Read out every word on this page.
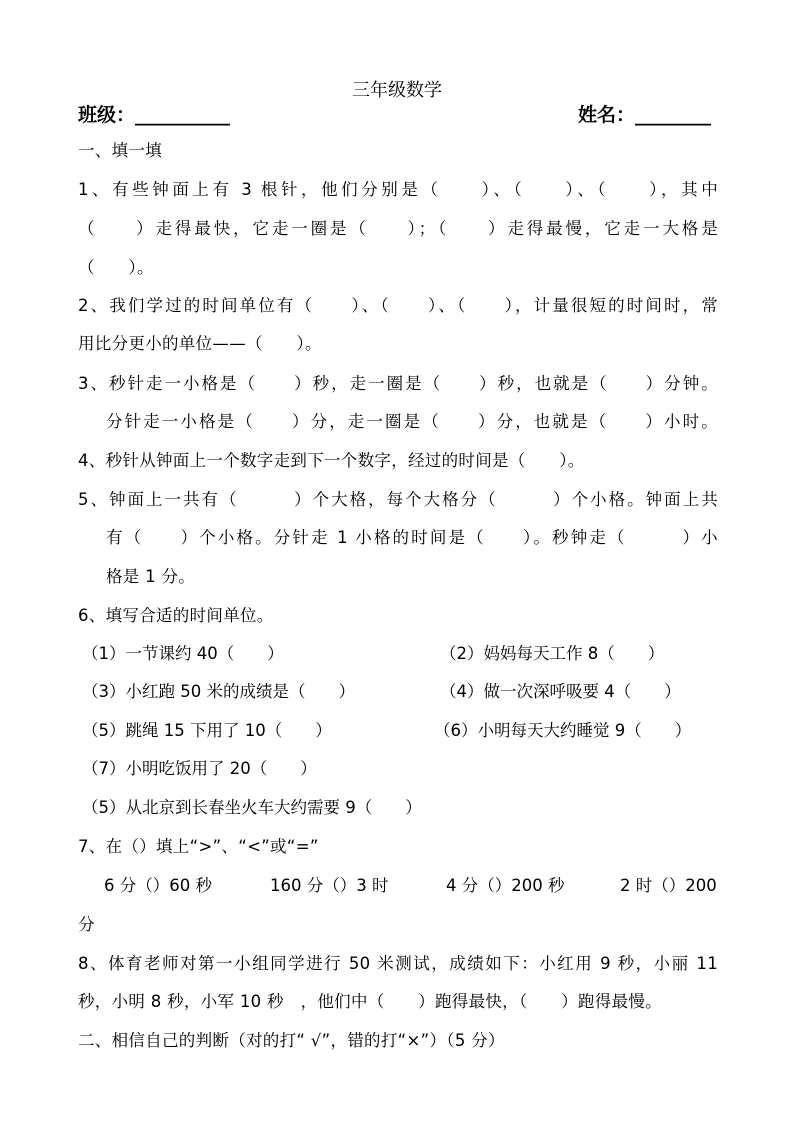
三年级数学
班级：__________	姓名：________
一、填一填
1、有些钟面上有 3 根针，他们分别是（　　）、（　　）、（　　），其中
（　　）走得最快，它走一圈是（　　）；（　　）走得最慢，它走一大格是
（　　）。
2、我们学过的时间单位有（　　）、（　　）、（　　），计量很短的时间时，常
用比分更小的单位——（　　）。
3、秒针走一小格是（　　）秒，走一圈是（　　）秒，也就是（　　）分钟。
分针走一小格是（　　）分，走一圈是（　　）分，也就是（　　）小时。
4、秒针从钟面上一个数字走到下一个数字，经过的时间是（　　）。
5、钟面上一共有（　　　）个大格，每个大格分（　　　）个小格。钟面上共
有（　　）个小格。分针走 1 小格的时间是（　　）。秒钟走（　　　）小
格是 1 分。
6、填写合适的时间单位。
（1）一节课约 40（　　）	（2）妈妈每天工作 8（　　）
（3）小红跑 50 米的成绩是（　　）	（4）做一次深呼吸要 4（　　）
（5）跳绳 15 下用了 10（　　）	（6）小明每天大约睡觉 9（　　）
（7）小明吃饭用了 20（　　）
（5）从北京到长春坐火车大约需要 9（　　）
7、在（）填上“>”、“<”或“=”
6 分（）60 秒	160 分（）3 时	4 分（）200 秒	2 时（）200
分
8、体育老师对第一小组同学进行 50 米测试，成绩如下：小红用 9 秒，小丽 11
秒，小明 8 秒，小军 10 秒　，他们中（　　）跑得最快，（　　）跑得最慢。
二、相信自己的判断（对的打“ √”，错的打“×”）（5 分）
